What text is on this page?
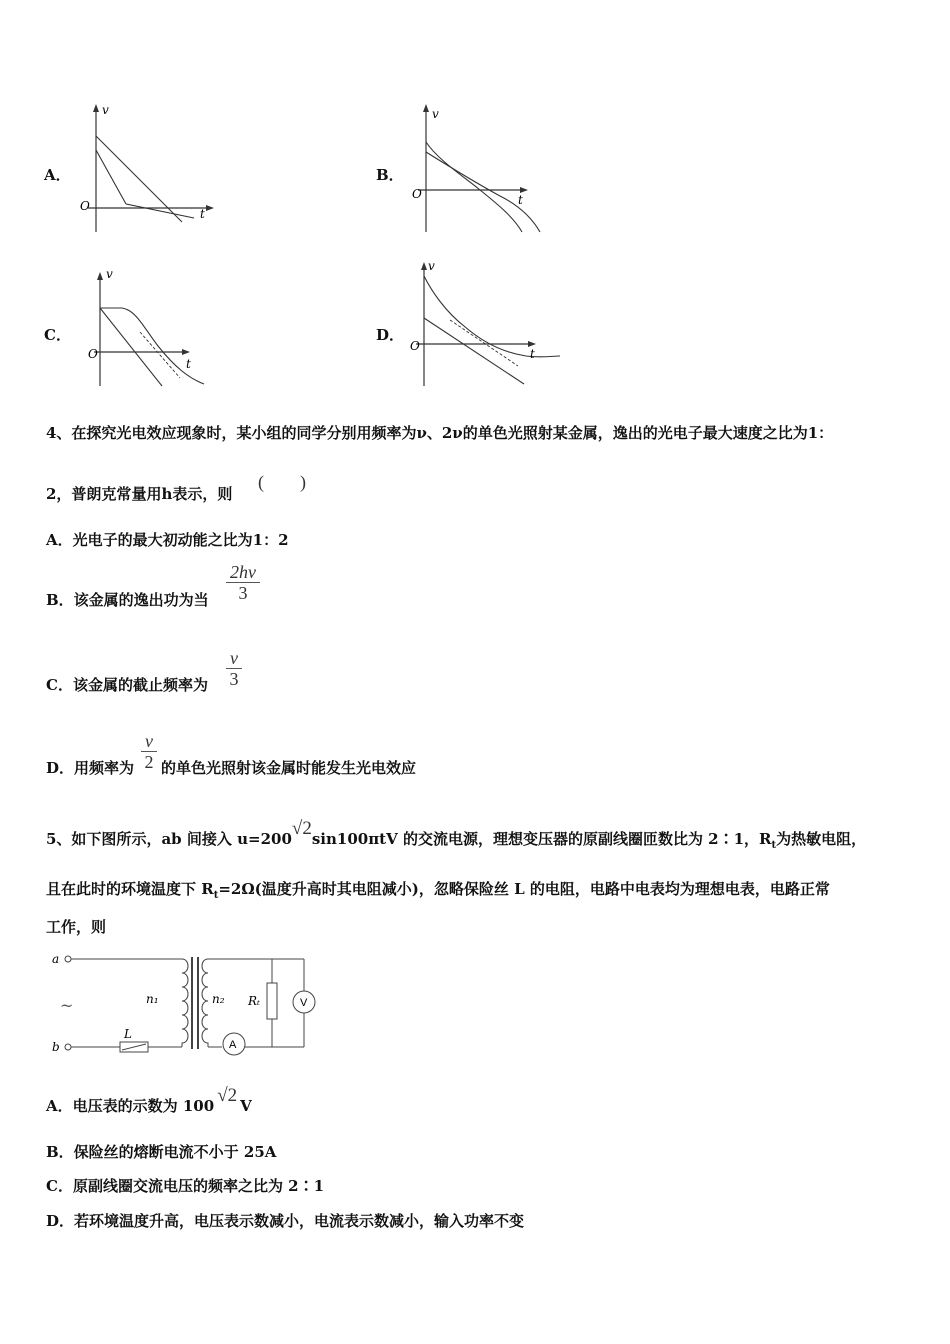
A．
v
O
t
B．
v
O	t
C．
v
O
t
D．
v
O
t
4、在探究光电效应现象时，某小组的同学分别用频率为ν、2ν的单色光照射某金属，逸出的光电子最大速度之比为1：
2，普朗克常量用h表示，则
(　　)
A．光电子的最大初动能之比为1：2
B．该金属的逸出功为当
2hν
3
C．该金属的截止频率为
ν
3
D．用频率为
ν
2 的单色光照射该金属时能发生光电效应
5、如下图所示，ab 间接入 u=200√2sin100πtV 的交流电源，理想变压器的原副线圈匝数比为 2∶1，$R_t$为热敏电阻，
且在此时的环境温度下 $R_t=2\Omega$(温度升高时其电阻减小)，忽略保险丝 L 的电阻，电路中电表均为理想电表，电路正常
工作，则
a
b
~
L
n₁	n₂
A
Rₜ	V
A．电压表的示数为 100 √2 V
B．保险丝的熔断电流不小于 25A
C．原副线圈交流电压的频率之比为 2∶1
D．若环境温度升高，电压表示数减小，电流表示数减小，输入功率不变
